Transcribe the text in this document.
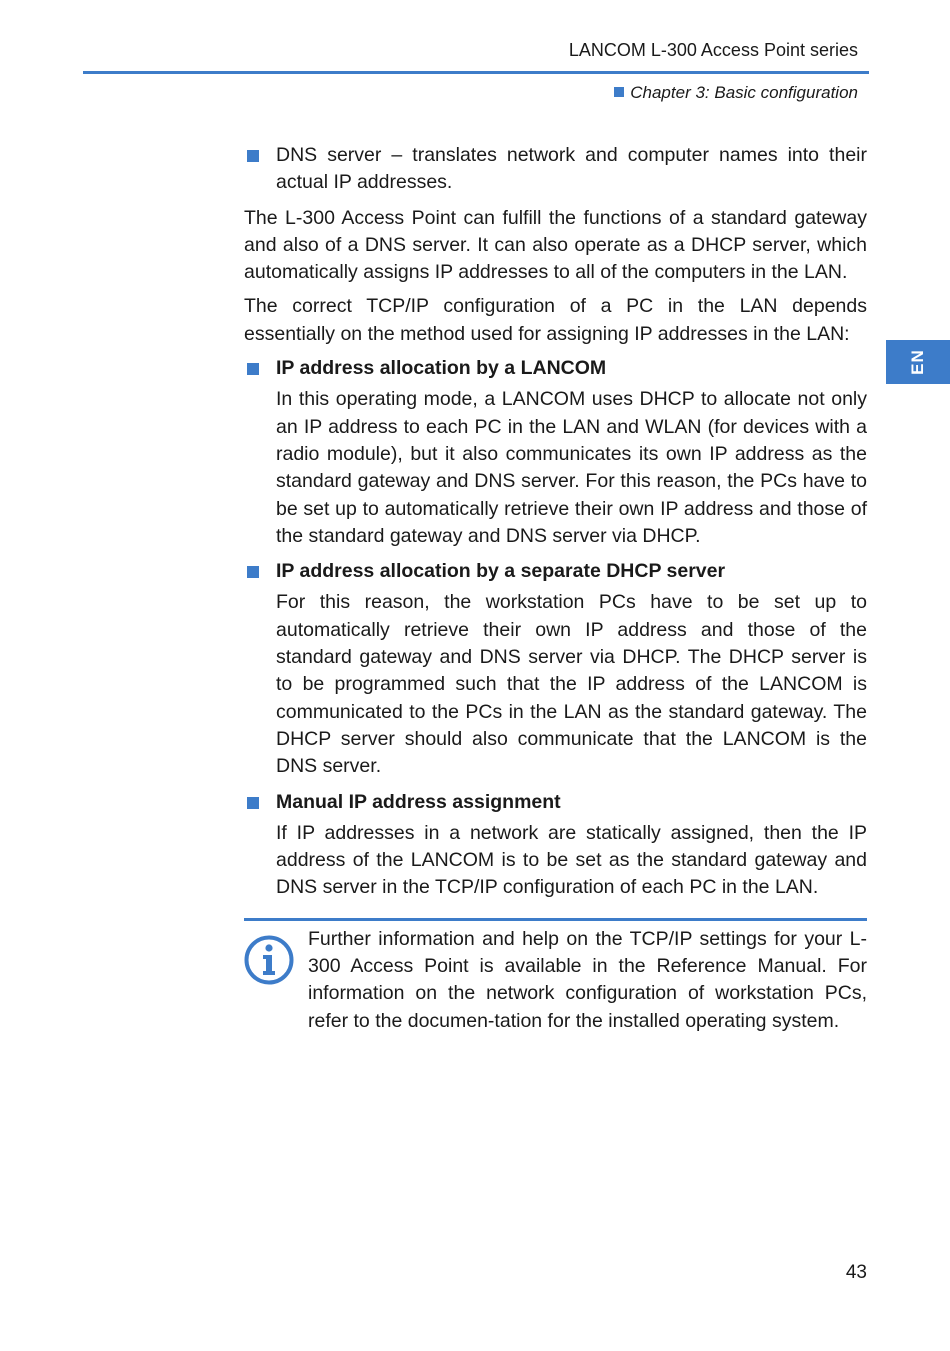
LANCOM L-300 Access Point series
Chapter 3: Basic configuration
EN
DNS server – translates network and computer names into their actual IP addresses.

The L-300 Access Point can fulfill the functions of a standard gateway and also of a DNS server. It can also operate as a DHCP server, which automatically assigns IP addresses to all of the computers in the LAN.

The correct TCP/IP configuration of a PC in the LAN depends essentially on the method used for assigning IP addresses in the LAN:

IP address allocation by a LANCOM
In this operating mode, a LANCOM uses DHCP to allocate not only an IP address to each PC in the LAN and WLAN (for devices with a radio module), but it also communicates its own IP address as the standard gateway and DNS server. For this reason, the PCs have to be set up to automatically retrieve their own IP address and those of the standard gateway and DNS server via DHCP.
IP address allocation by a separate DHCP server
For this reason, the workstation PCs have to be set up to automatically retrieve their own IP address and those of the standard gateway and DNS server via DHCP. The DHCP server is to be programmed such that the IP address of the LANCOM is communicated to the PCs in the LAN as the standard gateway. The DHCP server should also communicate that the LANCOM is the DNS server.
Manual IP address assignment
If IP addresses in a network are statically assigned, then the IP address of the LANCOM is to be set as the standard gateway and DNS server in the TCP/IP configuration of each PC in the LAN.
Further information and help on the TCP/IP settings for your L-300 Access Point is available in the Reference Manual. For information on the network configuration of workstation PCs, refer to the documen-tation for the installed operating system.
43
